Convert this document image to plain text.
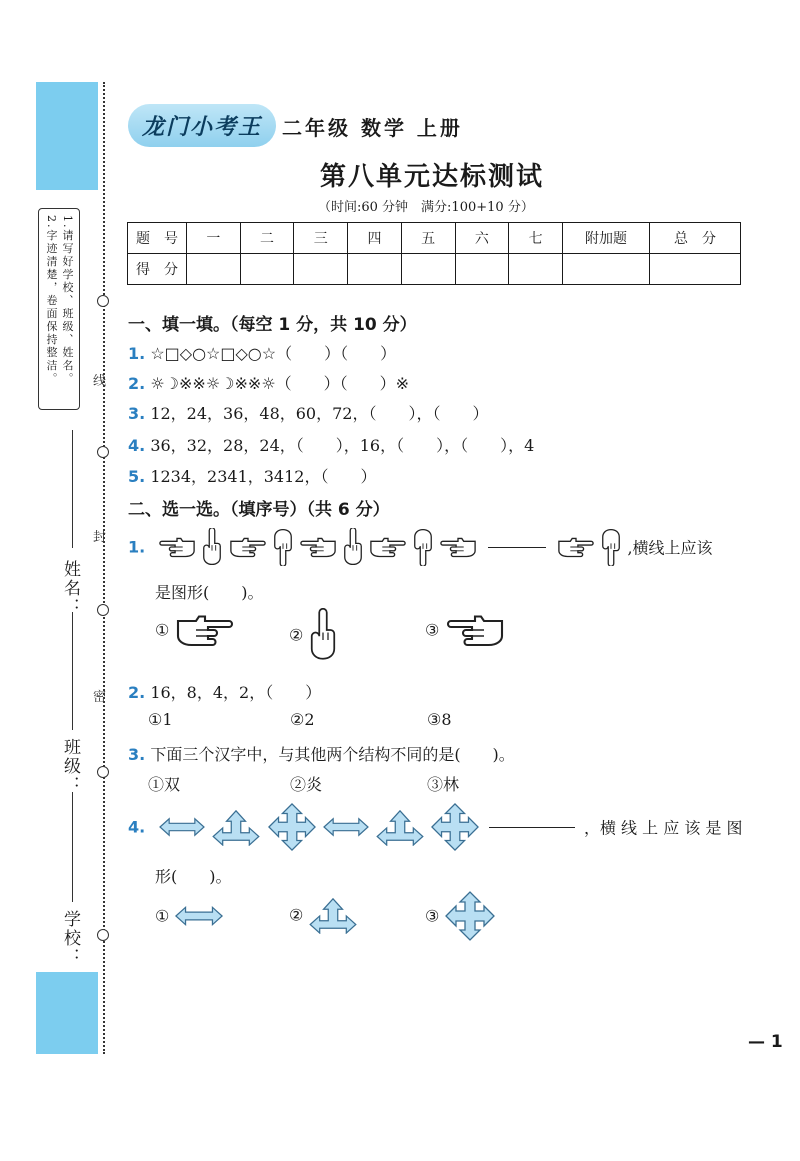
线
封
密
1.请写好学校、班级、姓名。
2.字迹清楚，卷面保持整洁。
姓名：
班级：
学校：
龙门小考王 二年级 数学 上册
第八单元达标测试
（时间:60 分钟　满分:100+10 分）
题　号	一	二	三	四	五	六	七	附加题	总　分
得　分									
一、填一填。（每空 1 分，共 10 分）
1. ☆□◇○☆□◇○☆（　　）（　　）
2. ☼☽※※☼☽※※☼（　　）（　　）※
3. 12，24，36，48，60，72，（　　），（　　）
4. 36，32，28，24，（　　），16，（　　），（　　），4
5. 1234，2341，3412，（　　）
二、选一选。（填序号）（共 6 分）
1.	,横线上应该
是图形(　　)。
①	②	③
2. 16，8，4，2，（　　）
①1	②2	③8
3. 下面三个汉字中，与其他两个结构不同的是(　　)。
①双	②炎	③林
4.	，横 线 上 应 该 是 图
形(　　)。
①	②	③
— 1
